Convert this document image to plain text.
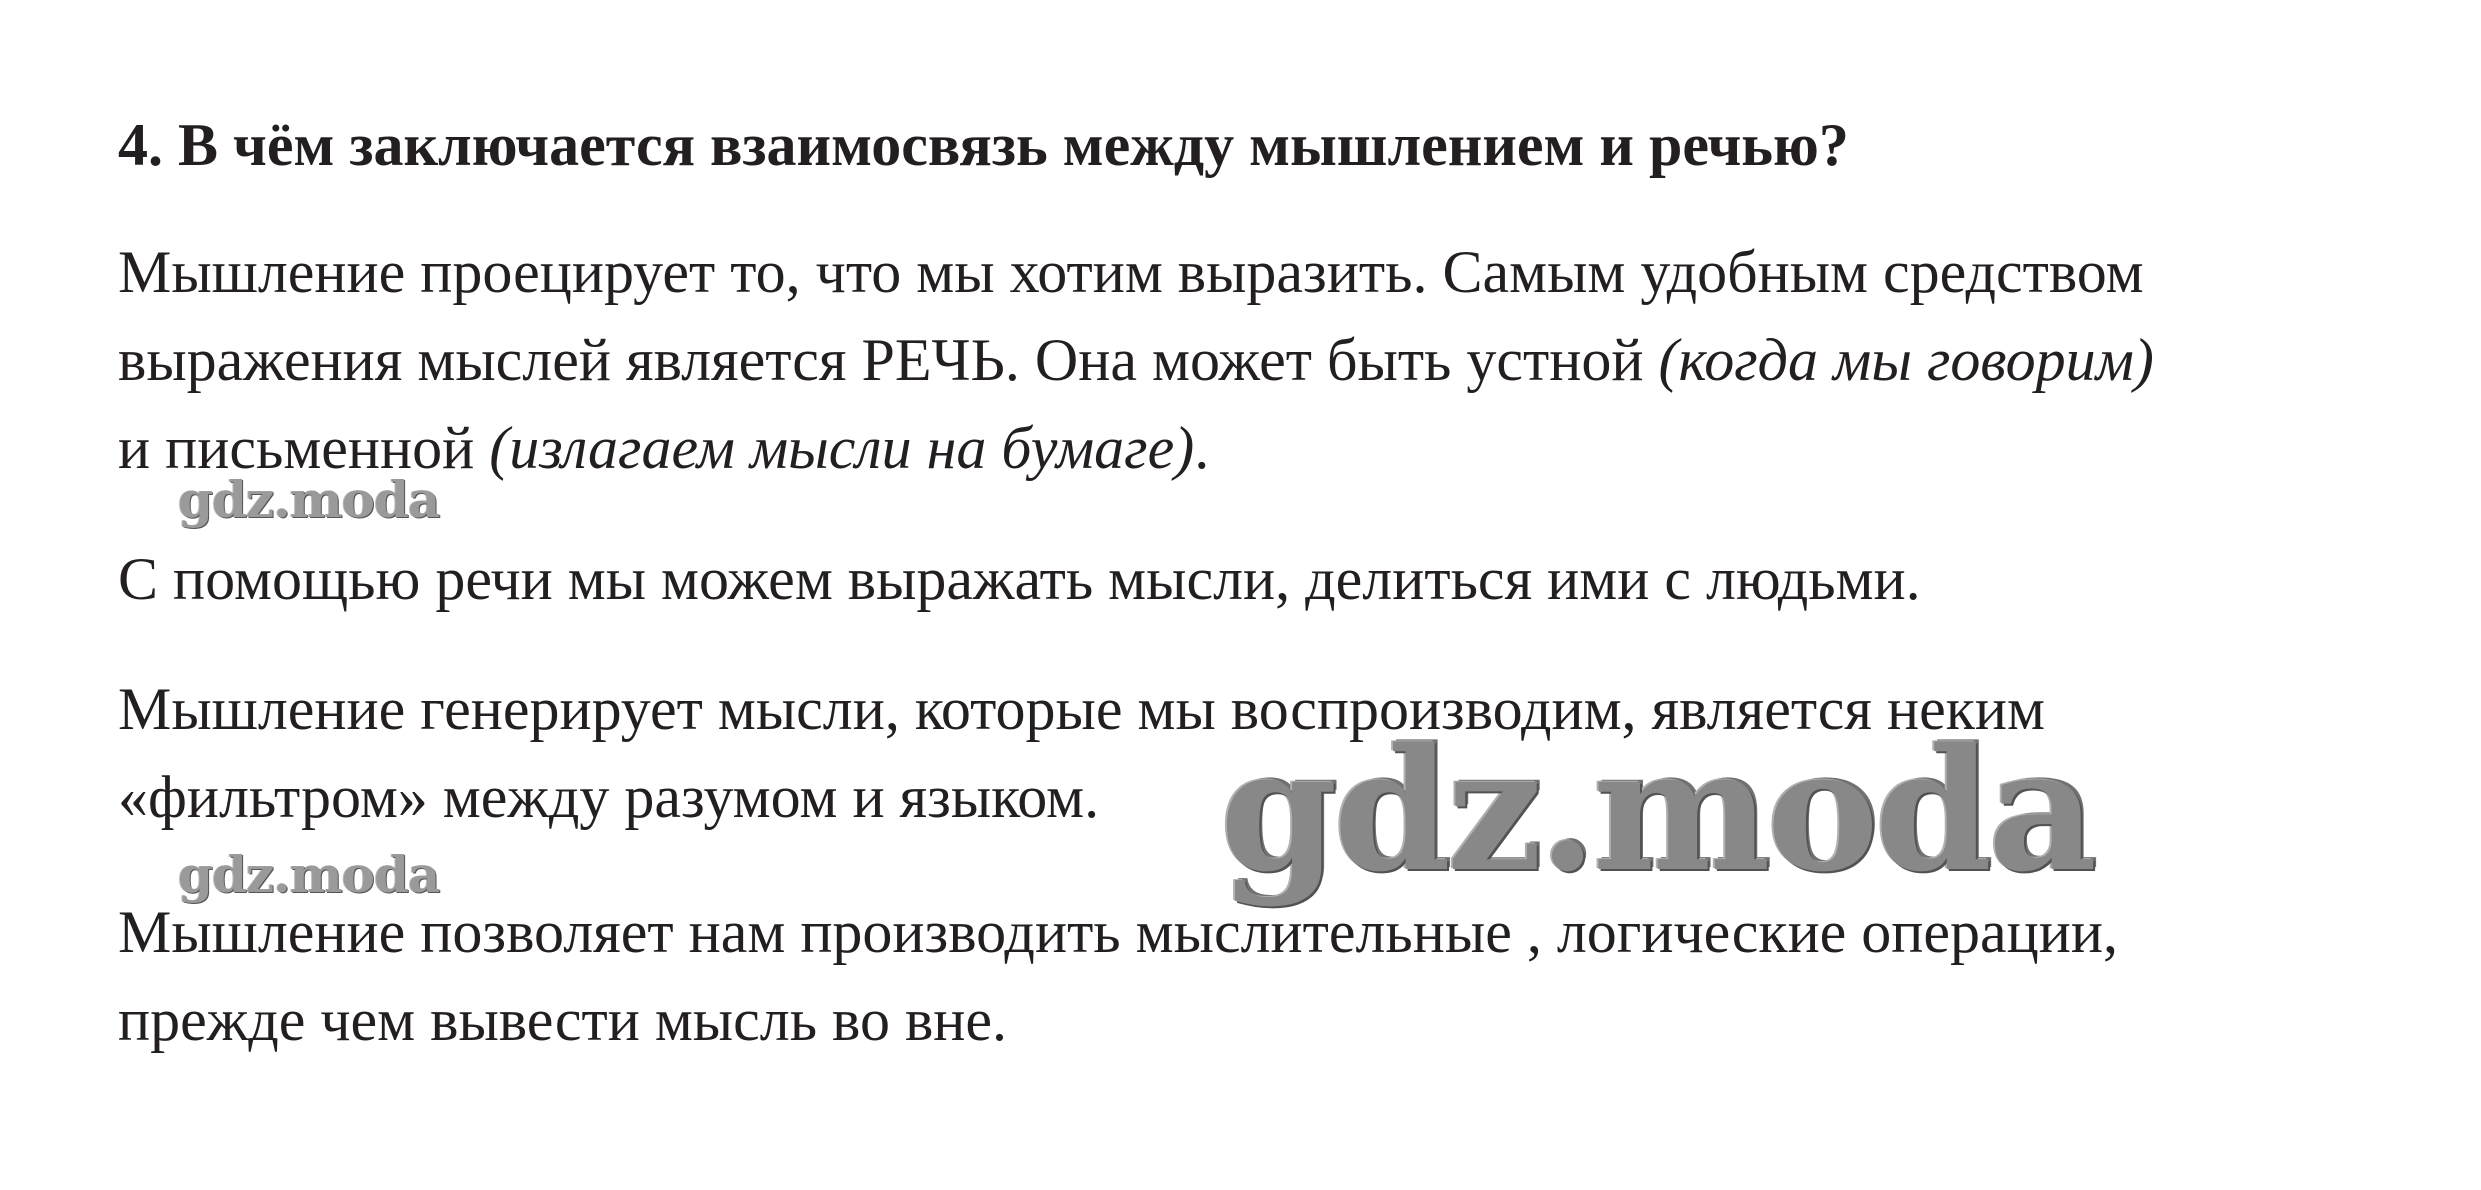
4. В чём заключается взаимосвязь между мышлением и речью?
Мышление проецирует то, что мы хотим выразить. Самым удобным средством
выражения мыслей является РЕЧЬ. Она может быть устной (когда мы говорим)
и письменной (излагаем мысли на бумаге).
С помощью речи мы можем выражать мысли, делиться ими с людьми.
Мышление генерирует мысли, которые мы воспроизводим, является неким
«фильтром» между разумом и языком.
Мышление позволяет нам производить мыслительные , логические операции,
прежде чем вывести мысль во вне.
gdz.moda
gdz.moda	gdz.moda
